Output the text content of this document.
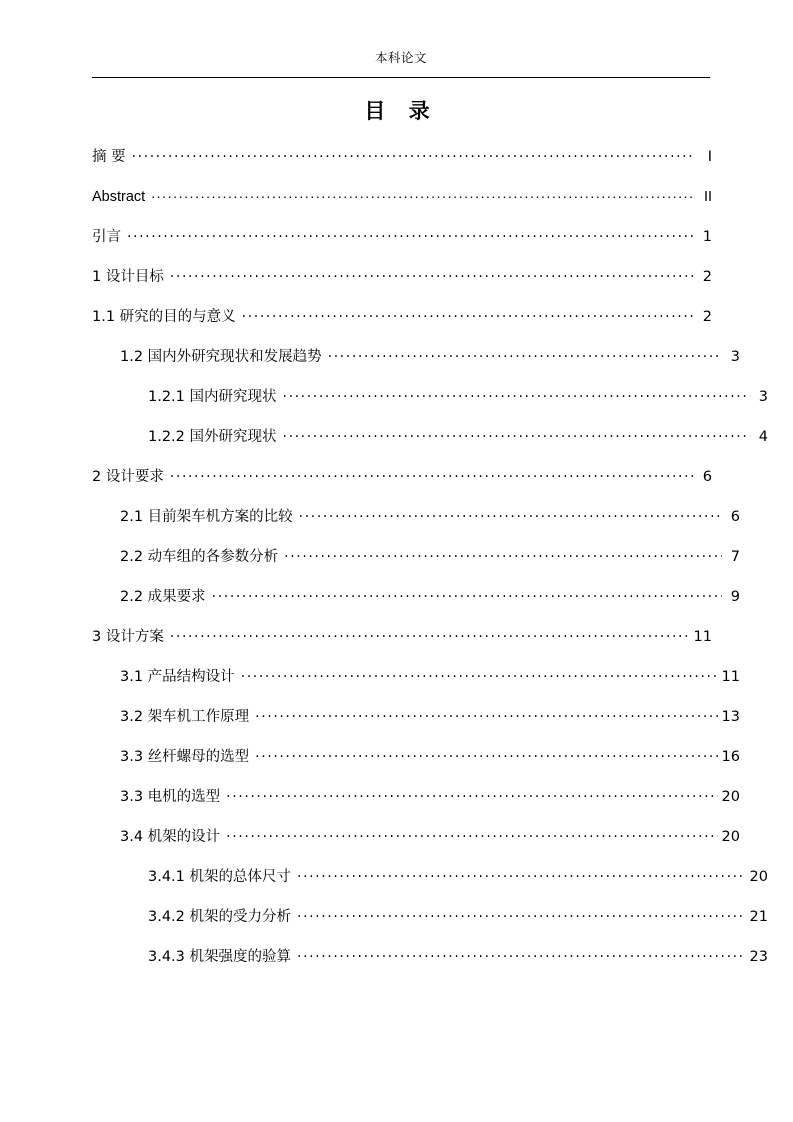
本科论文
目 录
摘 要 .....	I
Abstract .....	II
引言 .....	1
1 设计目标 .....	2
1.1 研究的目的与意义 .....	2
1.2 国内外研究现状和发展趋势 .....	3
1.2.1 国内研究现状 .....	3
1.2.2 国外研究现状 .....	4
2 设计要求 .....	6
2.1 目前架车机方案的比较 .....	6
2.2 动车组的各参数分析 .....	7
2.2 成果要求 .....	9
3 设计方案 .....	11
3.1 产品结构设计 .....	11
3.2 架车机工作原理 .....	13
3.3 丝杆螺母的选型 .....	16
3.3 电机的选型 .....	20
3.4 机架的设计 .....	20
3.4.1 机架的总体尺寸 .....	20
3.4.2 机架的受力分析 .....	21
3.4.3 机架强度的验算 .....	23
